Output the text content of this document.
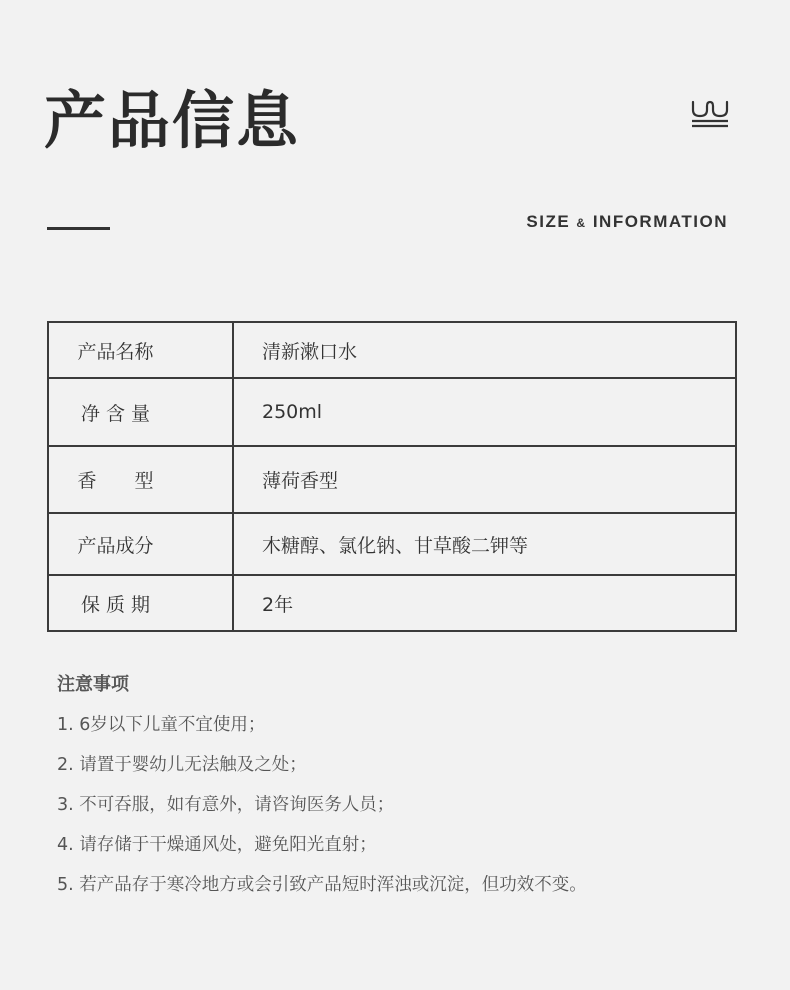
产品信息
SIZE & INFORMATION
产品名称	清新漱口水
净 含 量	250ml
香　　型	薄荷香型
产品成分	木糖醇、氯化钠、甘草酸二钾等
保 质 期	2年
注意事项
1. 6岁以下儿童不宜使用；
2. 请置于婴幼儿无法触及之处；
3. 不可吞服，如有意外，请咨询医务人员；
4. 请存储于干燥通风处，避免阳光直射；
5. 若产品存于寒冷地方或会引致产品短时浑浊或沉淀，但功效不变。
